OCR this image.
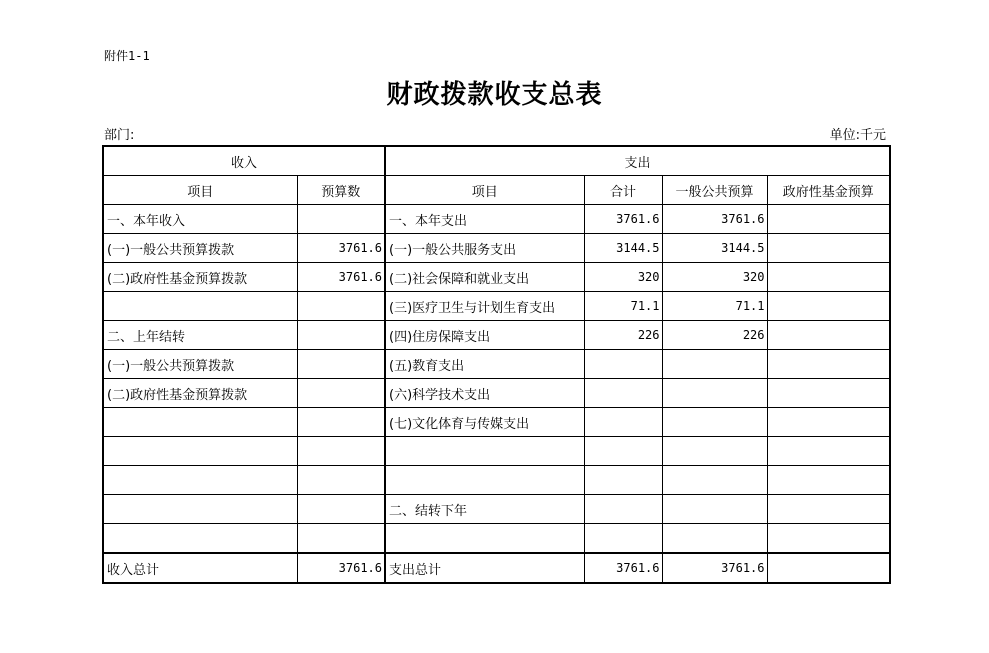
附件1-1
财政拨款收支总表
部门:	单位:千元
收入		支出			
项目	预算数	项目	合计	一般公共预算	政府性基金预算
一、本年收入		一、本年支出	3761.6	3761.6	
(一)一般公共预算拨款	3761.6	(一)一般公共服务支出	3144.5	3144.5	
(二)政府性基金预算拨款	3761.6	(二)社会保障和就业支出	320	320	
		(三)医疗卫生与计划生育支出	71.1	71.1	
二、上年结转		(四)住房保障支出	226	226	
(一)一般公共预算拨款		(五)教育支出			
(二)政府性基金预算拨款		(六)科学技术支出			
		(七)文化体育与传媒支出			

		二、结转下年			

收入总计	3761.6	支出总计	3761.6	3761.6	
